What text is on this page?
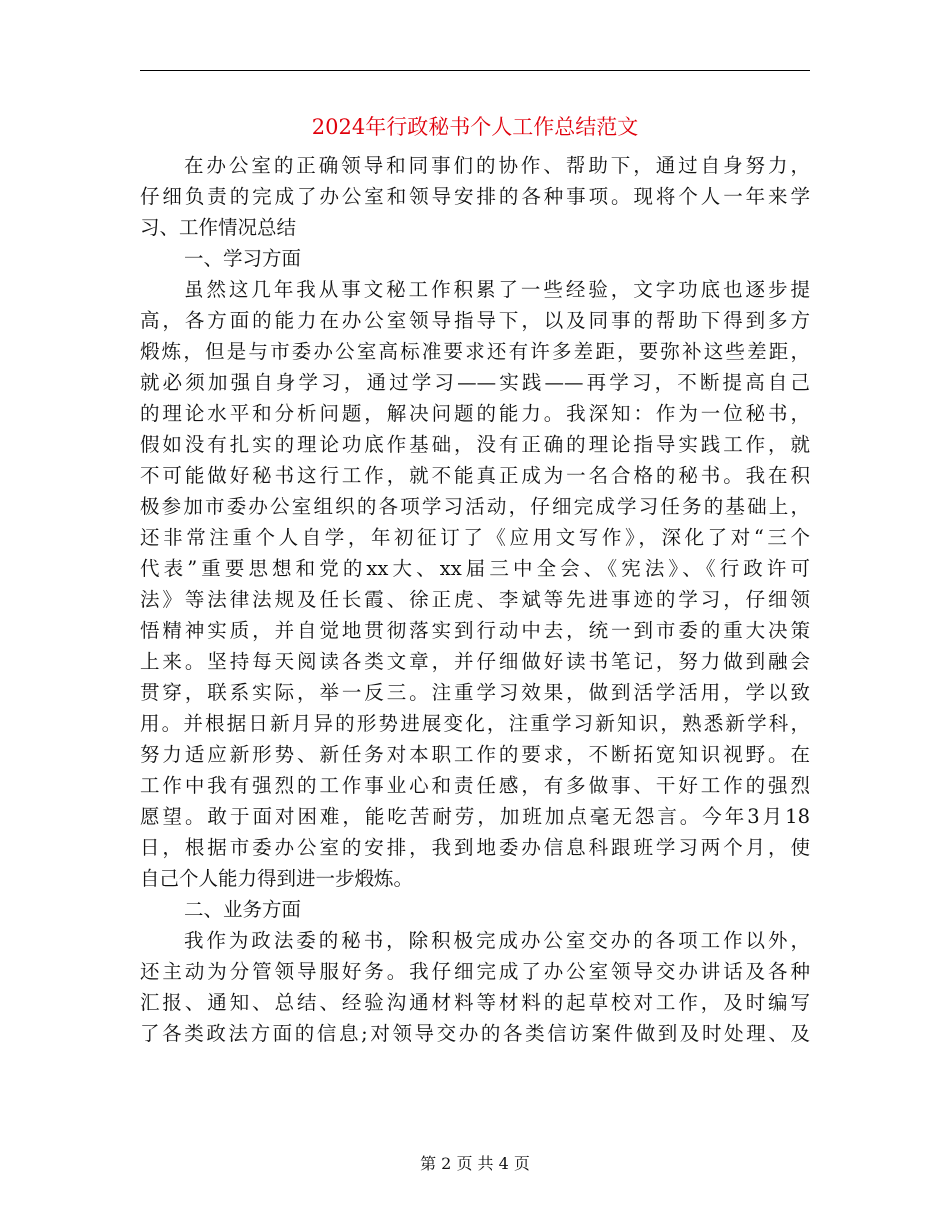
2024年行政秘书个人工作总结范文
在办公室的正确领导和同事们的协作、帮助下，通过自身努力，
仔细负责的完成了办公室和领导安排的各种事项。现将个人一年来学
习、工作情况总结
一、学习方面
虽然这几年我从事文秘工作积累了一些经验，文字功底也逐步提
高，各方面的能力在办公室领导指导下，以及同事的帮助下得到多方
煅炼，但是与市委办公室高标准要求还有许多差距，要弥补这些差距，
就必须加强自身学习，通过学习——实践——再学习，不断提高自己
的理论水平和分析问题，解决问题的能力。我深知：作为一位秘书，
假如没有扎实的理论功底作基础，没有正确的理论指导实践工作，就
不可能做好秘书这行工作，就不能真正成为一名合格的秘书。我在积
极参加市委办公室组织的各项学习活动，仔细完成学习任务的基础上，
还非常注重个人自学，年初征订了《应用文写作》，深化了对“三个
代表”重要思想和党的xx大、xx届三中全会、《宪法》、《行政许可
法》等法律法规及任长霞、徐正虎、李斌等先进事迹的学习，仔细领
悟精神实质，并自觉地贯彻落实到行动中去，统一到市委的重大决策
上来。坚持每天阅读各类文章，并仔细做好读书笔记，努力做到融会
贯穿，联系实际，举一反三。注重学习效果，做到活学活用，学以致
用。并根据日新月异的形势进展变化，注重学习新知识，熟悉新学科，
努力适应新形势、新任务对本职工作的要求，不断拓宽知识视野。在
工作中我有强烈的工作事业心和责任感，有多做事、干好工作的强烈
愿望。敢于面对困难，能吃苦耐劳，加班加点毫无怨言。今年3月18
日，根据市委办公室的安排，我到地委办信息科跟班学习两个月，使
自己个人能力得到进一步煅炼。
二、业务方面
我作为政法委的秘书，除积极完成办公室交办的各项工作以外，
还主动为分管领导服好务。我仔细完成了办公室领导交办讲话及各种
汇报、通知、总结、经验沟通材料等材料的起草校对工作，及时编写
了各类政法方面的信息;对领导交办的各类信访案件做到及时处理、及
第 2 页 共 4 页
